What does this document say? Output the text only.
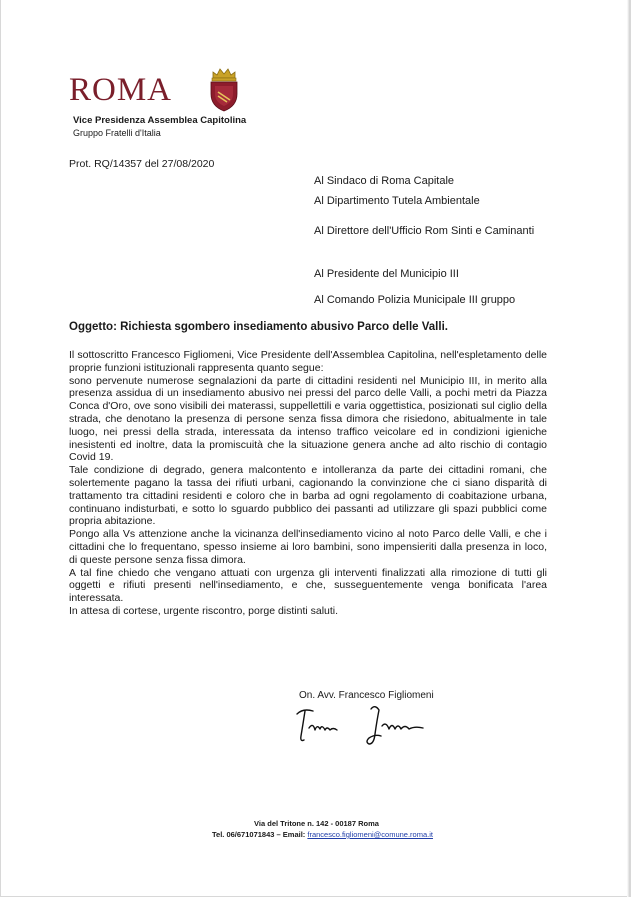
ROMA
Vice Presidenza Assemblea Capitolina
Gruppo Fratelli d'Italia
Prot. RQ/14357 del 27/08/2020
Al Sindaco di Roma Capitale
Al Dipartimento Tutela Ambientale
Al Direttore dell'Ufficio Rom Sinti e Caminanti
Al Presidente del Municipio III
Al Comando Polizia Municipale III gruppo
Oggetto: Richiesta sgombero insediamento abusivo Parco delle Valli.

Il sottoscritto Francesco Figliomeni, Vice Presidente dell'Assemblea Capitolina, nell'espletamento delle proprie funzioni istituzionali rappresenta quanto segue:

sono pervenute numerose segnalazioni da parte di cittadini residenti nel Municipio III, in merito alla presenza assidua di un insediamento abusivo nei pressi del parco delle Valli, a pochi metri da Piazza Conca d'Oro, ove sono visibili dei materassi, suppellettili e varia oggettistica, posizionati sul ciglio della strada, che denotano la presenza di persone senza fissa dimora che risiedono, abitualmente in tale luogo, nei pressi della strada, interessata da intenso traffico veicolare ed in condizioni igieniche inesistenti ed inoltre, data la promiscuità che la situazione genera anche ad alto rischio di contagio Covid 19.

Tale condizione di degrado, genera malcontento e intolleranza da parte dei cittadini romani, che solertemente pagano la tassa dei rifiuti urbani, cagionando la convinzione che ci siano disparità di trattamento tra cittadini residenti e coloro che in barba ad ogni regolamento di coabitazione urbana, continuano indisturbati, e sotto lo sguardo pubblico dei passanti ad utilizzare gli spazi pubblici come propria abitazione.

Pongo alla Vs attenzione anche la vicinanza dell'insediamento vicino al noto Parco delle Valli, e che i cittadini che lo frequentano, spesso insieme ai loro bambini, sono impensieriti dalla presenza in loco, di queste persone senza fissa dimora.

A tal fine chiedo che vengano attuati con urgenza gli interventi finalizzati alla rimozione di tutti gli oggetti e rifiuti presenti nell'insediamento, e che, susseguentemente venga bonificata l'area interessata.

In attesa di cortese, urgente riscontro, porge distinti saluti.

On. Avv. Francesco Figliomeni
Via del Tritone n. 142 - 00187 Roma
Tel. 06/671071843 – Email: francesco.figliomeni@comune.roma.it
